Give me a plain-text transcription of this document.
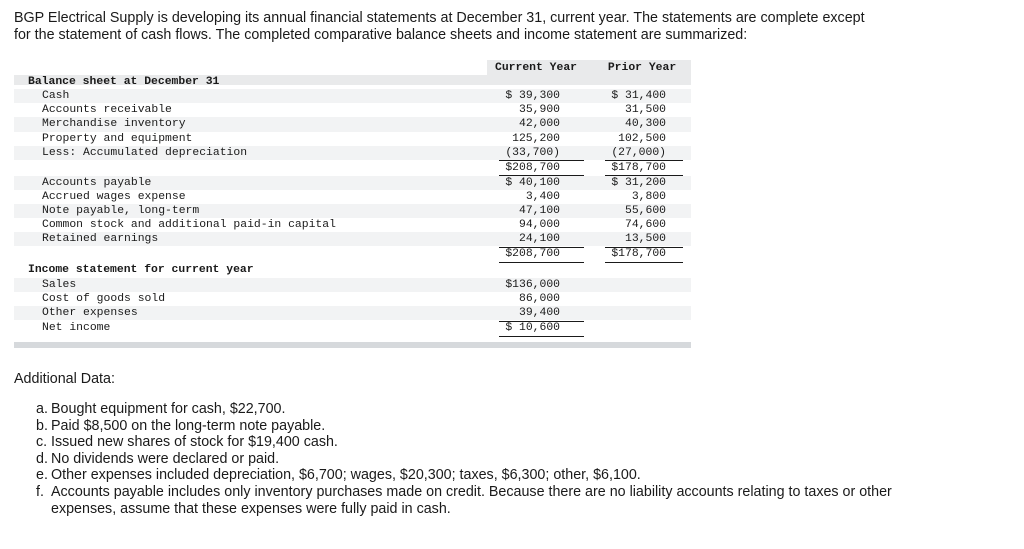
BGP Electrical Supply is developing its annual financial statements at December 31, current year. The statements are complete except
for the statement of cash flows. The completed comparative balance sheets and income statement are summarized:
Current Year	Prior Year
Balance sheet at December 31
Cash	$ 39,300	$ 31,400
Accounts receivable	35,900	31,500
Merchandise inventory	42,000	40,300
Property and equipment	125,200	102,500
Less: Accumulated depreciation	(33,700)	(27,000)
$208,700	$178,700
Accounts payable	$ 40,100	$ 31,200
Accrued wages expense	3,400	3,800
Note payable, long-term	47,100	55,600
Common stock and additional paid-in capital	94,000	74,600
Retained earnings	24,100	13,500
$208,700	$178,700
Income statement for current year
Sales	$136,000
Cost of goods sold	86,000
Other expenses	39,400
Net income	$ 10,600
Additional Data:
a. Bought equipment for cash, $22,700.
b. Paid $8,500 on the long-term note payable.
c. Issued new shares of stock for $19,400 cash.
d. No dividends were declared or paid.
e. Other expenses included depreciation, $6,700; wages, $20,300; taxes, $6,300; other, $6,100.
f. Accounts payable includes only inventory purchases made on credit. Because there are no liability accounts relating to taxes or other expenses, assume that these expenses were fully paid in cash.
